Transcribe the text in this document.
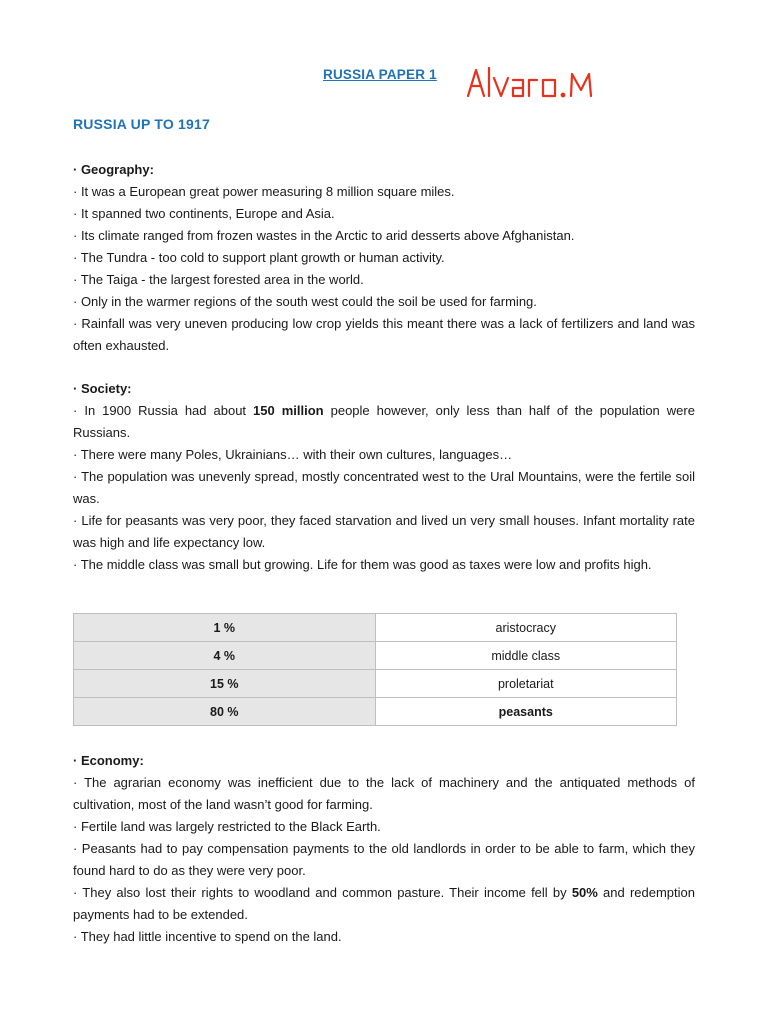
RUSSIA PAPER 1
RUSSIA UP TO 1917
· Geography:
· It was a European great power measuring 8 million square miles.
· It spanned two continents, Europe and Asia.
· Its climate ranged from frozen wastes in the Arctic to arid desserts above Afghanistan.
· The Tundra - too cold to support plant growth or human activity.
· The Taiga - the largest forested area in the world.
· Only in the warmer regions of the south west could the soil be used for farming.
· Rainfall was very uneven producing low crop yields this meant there was a lack of fertilizers and land was often exhausted.
· Society:
· In 1900 Russia had about 150 million people however, only less than half of the population were Russians.
· There were many Poles, Ukrainians… with their own cultures, languages…
· The population was unevenly spread, mostly concentrated west to the Ural Mountains, were the fertile soil was.
· Life for peasants was very poor, they faced starvation and lived un very small houses. Infant mortality rate was high and life expectancy low.
· The middle class was small but growing. Life for them was good as taxes were low and profits high.
1 %	aristocracy
4 %	middle class
15 %	proletariat
80 %	peasants
· Economy:
· The agrarian economy was inefficient due to the lack of machinery and the antiquated methods of cultivation, most of the land wasn’t good for farming.
· Fertile land was largely restricted to the Black Earth.
· Peasants had to pay compensation payments to the old landlords in order to be able to farm, which they found hard to do as they were very poor.
· They also lost their rights to woodland and common pasture. Their income fell by 50% and redemption payments had to be extended.
· They had little incentive to spend on the land.
